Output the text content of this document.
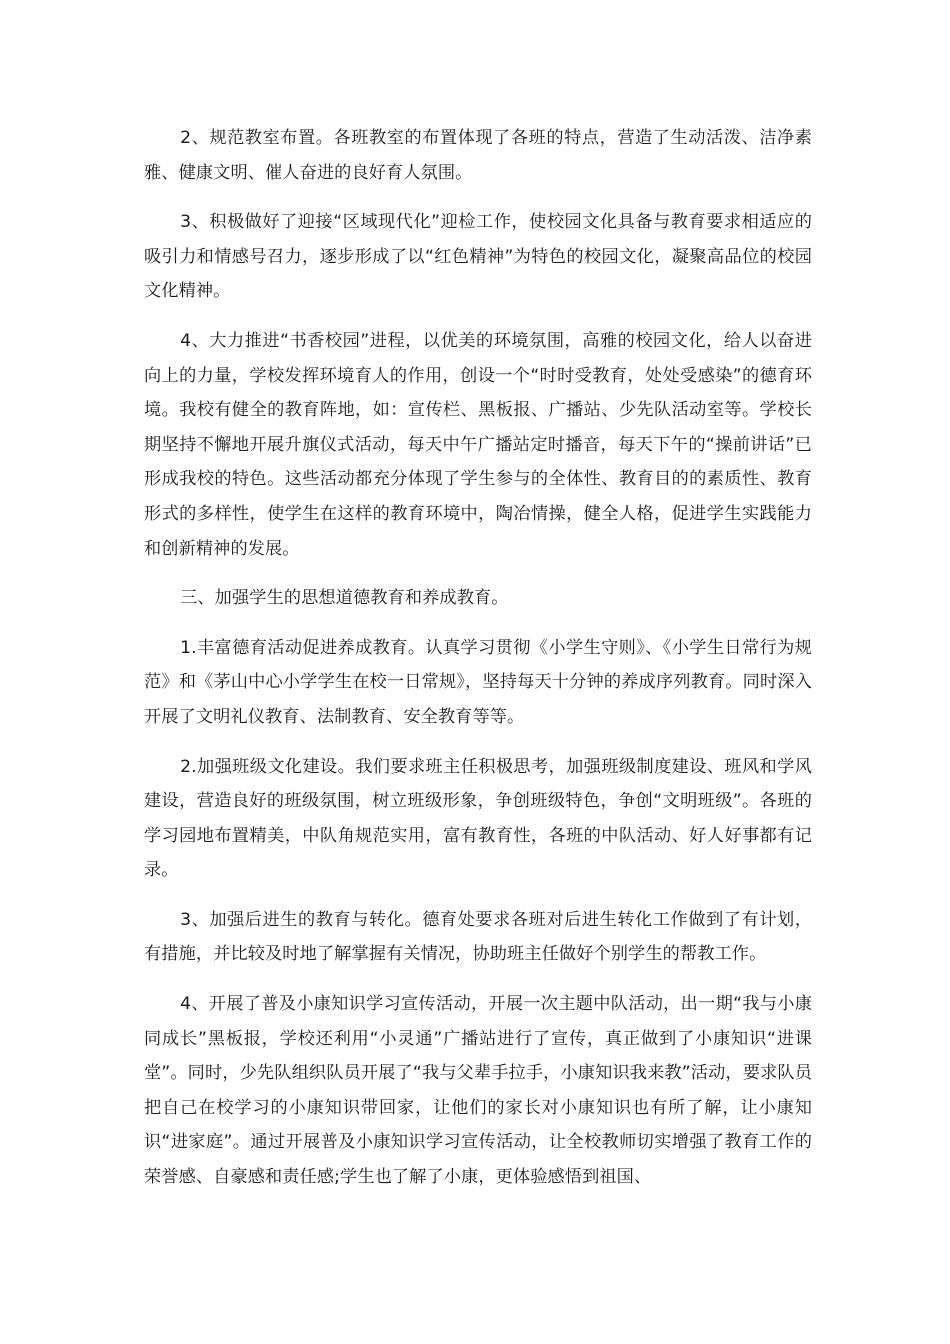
2、规范教室布置。各班教室的布置体现了各班的特点，营造了生动活泼、洁净素雅、健康文明、催人奋进的良好育人氛围。

3、积极做好了迎接“区域现代化”迎检工作，使校园文化具备与教育要求相适应的吸引力和情感号召力，逐步形成了以“红色精神”为特色的校园文化，凝聚高品位的校园文化精神。

4、大力推进“书香校园”进程，以优美的环境氛围，高雅的校园文化，给人以奋进向上的力量，学校发挥环境育人的作用，创设一个“时时受教育，处处受感染”的德育环境。我校有健全的教育阵地，如：宣传栏、黑板报、广播站、少先队活动室等。学校长期坚持不懈地开展升旗仪式活动，每天中午广播站定时播音，每天下午的“操前讲话”已形成我校的特色。这些活动都充分体现了学生参与的全体性、教育目的的素质性、教育形式的多样性，使学生在这样的教育环境中，陶冶情操，健全人格，促进学生实践能力和创新精神的发展。

三、加强学生的思想道德教育和养成教育。

1.丰富德育活动促进养成教育。认真学习贯彻《小学生守则》、《小学生日常行为规范》和《茅山中心小学学生在校一日常规》，坚持每天十分钟的养成序列教育。同时深入开展了文明礼仪教育、法制教育、安全教育等等。

2.加强班级文化建设。我们要求班主任积极思考，加强班级制度建设、班风和学风建设，营造良好的班级氛围，树立班级形象，争创班级特色，争创“文明班级”。各班的学习园地布置精美，中队角规范实用，富有教育性，各班的中队活动、好人好事都有记录。

3、加强后进生的教育与转化。德育处要求各班对后进生转化工作做到了有计划，有措施，并比较及时地了解掌握有关情况，协助班主任做好个别学生的帮教工作。

4、开展了普及小康知识学习宣传活动，开展一次主题中队活动，出一期“我与小康同成长”黑板报，学校还利用“小灵通”广播站进行了宣传，真正做到了小康知识“进课堂”。同时，少先队组织队员开展了“我与父辈手拉手，小康知识我来教”活动，要求队员把自己在校学习的小康知识带回家，让他们的家长对小康知识也有所了解，让小康知识“进家庭”。通过开展普及小康知识学习宣传活动，让全校教师切实增强了教育工作的荣誉感、自豪感和责任感;学生也了解了小康，更体验感悟到祖国、
